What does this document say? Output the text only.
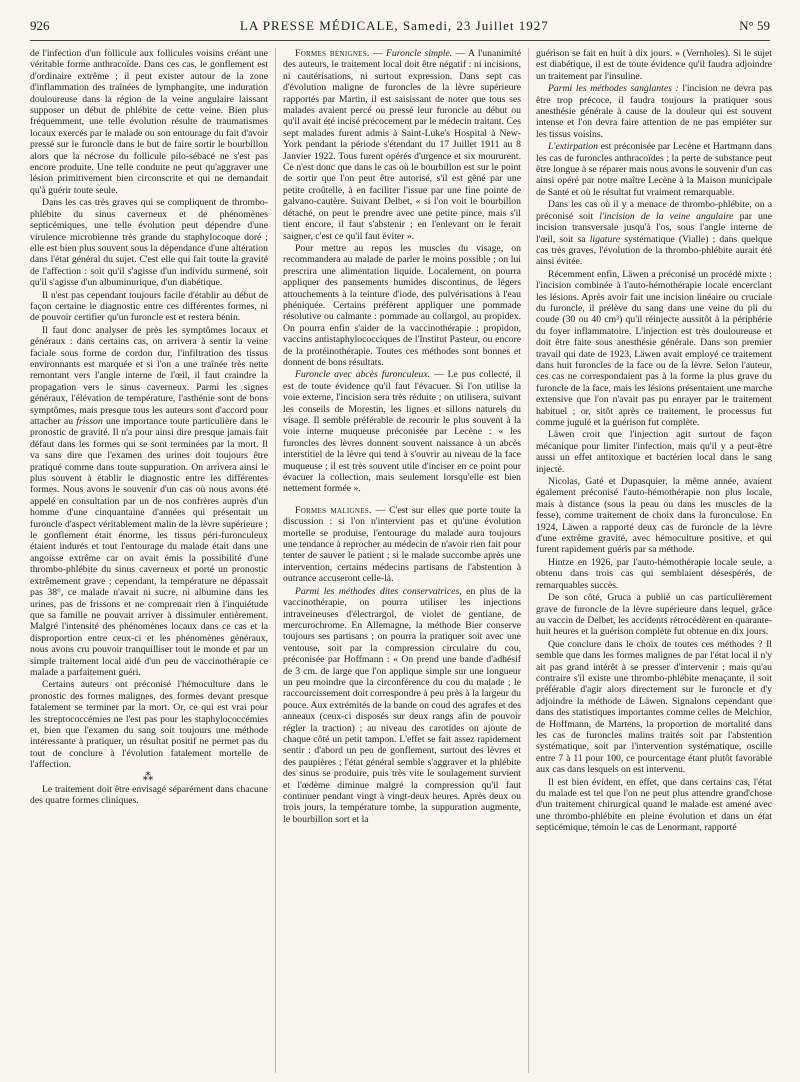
926	LA PRESSE MÉDICALE, Samedi, 23 Juillet 1927	N° 59

de l'infection d'un follicule aux follicules voisins créant une véritable forme anthracoïde. Dans ces cas, le gonflement est d'ordinaire extrême ; il peut exister autour de la zone d'inflammation des traînées de lymphangite, une induration douloureuse dans la région de la veine angulaire laissant supposer un début de phlébite de cette veine. Bien plus fréquemment, une telle évolution résulte de traumatismes locaux exercés par le malade ou son entourage du fait d'avoir pressé sur le furoncle dans le but de faire sortir le bourbillon alors que la nécrose du follicule pilo-sébacé ne s'est pas encore produite. Une telle conduite ne peut qu'aggraver une lésion primitivement bien circonscrite et qui ne demandait qu'à guérir toute seule.

Dans les cas très graves qui se compliquent de thrombo-phlébite du sinus caverneux et de phénomènes septicémiques, une telle évolution peut dépendre d'une virulence microbienne très grande du staphylocoque doré ; elle est bien plus souvent sous la dépendance d'une altération dans l'état général du sujet. C'est elle qui fait toute la gravité de l'affection : soit qu'il s'agisse d'un individu surmené, soit qu'il s'agisse d'un albuminurique, d'un diabétique.

Il n'est pas cependant toujours facile d'établir au début de façon certaine le diagnostic entre ces différentes formes, ni de pouvoir certifier qu'un furoncle est et restera bénin.

Il faut donc analyser de près les symptômes locaux et généraux : dans certains cas, on arrivera à sentir la veine faciale sous forme de cordon dur, l'infiltration des tissus environnants est marquée et si l'on a une traînée très nette remontant vers l'angle interne de l'œil, il faut craindre la propagation vers le sinus caverneux. Parmi les signes généraux, l'élévation de température, l'asthénie sont de bons symptômes, mais presque tous les auteurs sont d'accord pour attacher au frisson une importance toute particulière dans le pronostic de gravité. Il n'a pour ainsi dire presque jamais fait défaut dans les formes qui se sont terminées par la mort. Il va sans dire que l'examen des urines doit toujours être pratiqué comme dans toute suppuration. On arrivera ainsi le plus souvent à établir le diagnostic entre les différentes formes. Nous avons le souvenir d'un cas où nous avons été appelé en consultation par un de nos confrères auprès d'un homme d'une cinquantaine d'années qui présentait un furoncle d'aspect véritablement malin de la lèvre supérieure ; le gonflement était énorme, les tissus péri-furonculeux étaient indurés et tout l'entourage du malade était dans une angoisse extrême car on avait émis la possibilité d'une thrombo-phlébite du sinus caverneux et porté un pronostic extrêmement grave ; cependant, la température ne dépassait pas 38°, ce malade n'avait ni sucre, ni albumine dans les urines, pas de frissons et ne comprenait rien à l'inquiétude que sa famille ne pouvait arriver à dissimuler entièrement. Malgré l'intensité des phénomènes locaux dans ce cas et la disproportion entre ceux-ci et les phénomènes généraux, nous avons cru pouvoir tranquilliser tout le monde et par un simple traitement local aidé d'un peu de vaccinothérapie ce malade a parfaitement guéri.

Certains auteurs ont préconisé l'hémoculture dans le pronostic des formes malignes, des formes devant presque fatalement se terminer par la mort. Or, ce qui est vrai pour les streptococcémies ne l'est pas pour les staphylococcémies et, bien que l'examen du sang soit toujours une méthode intéressante à pratiquer, un résultat positif ne permet pas du tout de conclure à l'évolution fatalement mortelle de l'affection.

⁂

Le traitement doit être envisagé séparément dans chacune des quatre formes cliniques.

Formes bénignes. — Furoncle simple. — A l'unanimité des auteurs, le traitement local doit être négatif : ni incisions, ni cautérisations, ni surtout expression. Dans sept cas d'évolution maligne de furoncles de la lèvre supérieure rapportés par Martin, il est saisissant de noter que tous ses malades avaient percé ou pressé leur furoncle au début ou qu'il avait été incisé précocement par le médecin traitant. Ces sept malades furent admis à Saint-Luke's Hospital à New-York pendant la période s'étendant du 17 Juillet 1911 au 8 Janvier 1922. Tous furent opérés d'urgence et six moururent. Ce n'est donc que dans le cas où le bourbillon est sur le point de sortir que l'on peut être autorisé, s'il est gêné par une petite croûtelle, à en faciliter l'issue par une fine pointe de galvano-cautère. Suivant Delbet, « si l'on voit le bourbillon détaché, on peut le prendre avec une petite pince, mais s'il tient encore, il faut s'abstenir ; en l'enlevant on le ferait saigner, c'est ce qu'il faut éviter ».

Pour mettre au repos les muscles du visage, on recommandera au malade de parler le moins possible ; on lui prescrira une alimentation liquide. Localement, on pourra appliquer des pansements humides discontinus, de légers attouchements à la teinture d'iode, des pulvérisations à l'eau phéniquée. Certains préfèrent appliquer une pommade résolutive ou calmante : pommade au collargol, au propidex. On pourra enfin s'aider de la vaccinothérapie : propidon, vaccins antistaphylococciques de l'Institut Pasteur, ou encore de la protéinothérapie. Toutes ces méthodes sont bonnes et donnent de bons résultats.

Furoncle avec abcès furonculeux. — Le pus collecté, il est de toute évidence qu'il faut l'évacuer. Si l'on utilise la voie externe, l'incision sera très réduite ; on utilisera, suivant les conseils de Morestin, les lignes et sillons naturels du visage. Il semble préférable de recourir le plus souvent à la voie interne muqueuse préconisée par Lecène : « les furoncles des lèvres donnent souvent naissance à un abcès interstitiel de la lèvre qui tend à s'ouvrir au niveau de la face muqueuse ; il est très souvent utile d'inciser en ce point pour évacuer la collection, mais seulement lorsqu'elle est bien nettement formée ».

Formes malignes. — C'est sur elles que porte toute la discussion : si l'on n'intervient pas et qu'une évolution mortelle se produise, l'entourage du malade aura toujours une tendance à reprocher au médecin de n'avoir rien fait pour tenter de sauver le patient ; si le malade succombe après une intervention, certains médecins partisans de l'abstention à outrance accuseront celle-là.

Parmi les méthodes dites conservatrices, en plus de la vaccinothérapie, on pourra utiliser les injections intraveineuses d'électrargol, de violet de gentiane, de mercurochrome. En Allemagne, la méthode Bier conserve toujours ses partisans ; on pourra la pratiquer soit avec une ventouse, soit par la compression circulaire du cou, préconisée par Hoffmann : « On prend une bande d'adhésif de 3 cm. de large que l'on applique simple sur une longueur un peu moindre que la circonférence du cou du malade ; le raccourcissement doit correspondre à peu près à la largeur du pouce. Aux extrémités de la bande on coud des agrafes et des anneaux (ceux-ci disposés sur deux rangs afin de pouvoir régler la traction) ; au niveau des carotides on ajoute de chaque côté un petit tampon. L'effet se fait assez rapidement sentir : d'abord un peu de gonflement, surtout des lèvres et des paupières ; l'état général semble s'aggraver et la phlébite des sinus se produire, puis très vite le soulagement survient et l'œdème diminue malgré la compression qu'il faut continuer pendant vingt à vingt-deux heures. Après deux ou trois jours, la température tombe, la suppuration augmente, le bourbillon sort et la

guérison se fait en huit à dix jours. » (Vernholes). Si le sujet est diabétique, il est de toute évidence qu'il faudra adjoindre un traitement par l'insuline.

Parmi les méthodes sanglantes : l'incision ne devra pas être trop précoce, il faudra toujours la pratiquer sous anesthésie générale à cause de la douleur qui est souvent intense et l'on devra faire attention de ne pas empiéter sur les tissus voisins.

L'extirpation est préconisée par Lecène et Hartmann dans les cas de furoncles anthracoïdes ; la perte de substance peut être longue à se réparer mais nous avons le souvenir d'un cas ainsi opéré par notre maître Lecène à la Maison municipale de Santé et où le résultat fut vraiment remarquable.

Dans les cas où il y a menace de thrombo-phlébite, on a préconisé soit l'incision de la veine angulaire par une incision transversale jusqu'à l'os, sous l'angle interne de l'œil, soit sa ligature systématique (Vialle) ; dans quelque cas très graves, l'évolution de la thrombo-phlébite aurait été ainsi évitée.

Récemment enfin, Läwen a préconisé un procédé mixte : l'incision combinée à l'auto-hémothérapie locale encerclant les lésions. Après avoir fait une incision linéaire ou cruciale du furoncle, il prélève du sang dans une veine du pli du coude (30 ou 40 cm³) qu'il réinjecte aussitôt à la périphérie du foyer inflammatoire. L'injection est très douloureuse et doit être faite sous anesthésie générale. Dans son premier travail qui date de 1923, Läwen avait employé ce traitement dans huit furoncles de la face ou de la lèvre. Selon l'auteur, ces cas ne correspondaient pas à la forme la plus grave du furoncle de la face, mais les lésions présentaient une marche extensive que l'on n'avait pas pu enrayer par le traitement habituel ; or, sitôt après ce traitement, le processus fut comme jugulé et la guérison fut complète.

Läwen croit que l'injection agit surtout de façon mécanique pour limiter l'infection, mais qu'il y a peut-être aussi un effet antitoxique et bactérien local dans le sang injecté.

Nicolas, Gaté et Dupasquier, la même année, avaient également préconisé l'auto-hémothérapie non plus locale, mais à distance (sous la peau ou dans les muscles de la fesse), comme traitement de choix dans la furonculose. En 1924, Läwen a rapporté deux cas de furoncle de la lèvre d'une extrême gravité, avec hémoculture positive, et qui furent rapidement guéris par sa méthode.

Hintze en 1926, par l'auto-hémothérapie locale seule, a obtenu dans trois cas qui semblaient désespérés, de remarquables succès.

De son côté, Gruca a publié un cas particulièrement grave de furoncle de la lèvre supérieure dans lequel, grâce au vaccin de Delbet, les accidents rétrocédèrent en quarante-huit heures et la guérison complète fut obtenue en dix jours.

Que conclure dans le choix de toutes ces méthodes ? Il semble que dans les formes malignes de par l'état local il n'y ait pas grand intérêt à se presser d'intervenir ; mais qu'au contraire s'il existe une thrombo-phlébite menaçante, il soit préférable d'agir alors directement sur le furoncle et d'y adjoindre la méthode de Läwen. Signalons cependant que dans des statistiques importantes comme celles de Melchior, de Hoffmann, de Martens, la proportion de mortalité dans les cas de furoncles malins traités soit par l'abstention systématique, soit par l'intervention systématique, oscille entre 7 à 11 pour 100, ce pourcentage étant plutôt favorable aux cas dans lesquels on est intervenu.

Il est bien évident, en effet, que dans certains cas, l'état du malade est tel que l'on ne peut plus attendre grand'chose d'un traitement chirurgical quand le malade est amené avec une thrombo-phlébite en pleine évolution et dans un état septicémique, témoin le cas de Lenormant, rapporté
